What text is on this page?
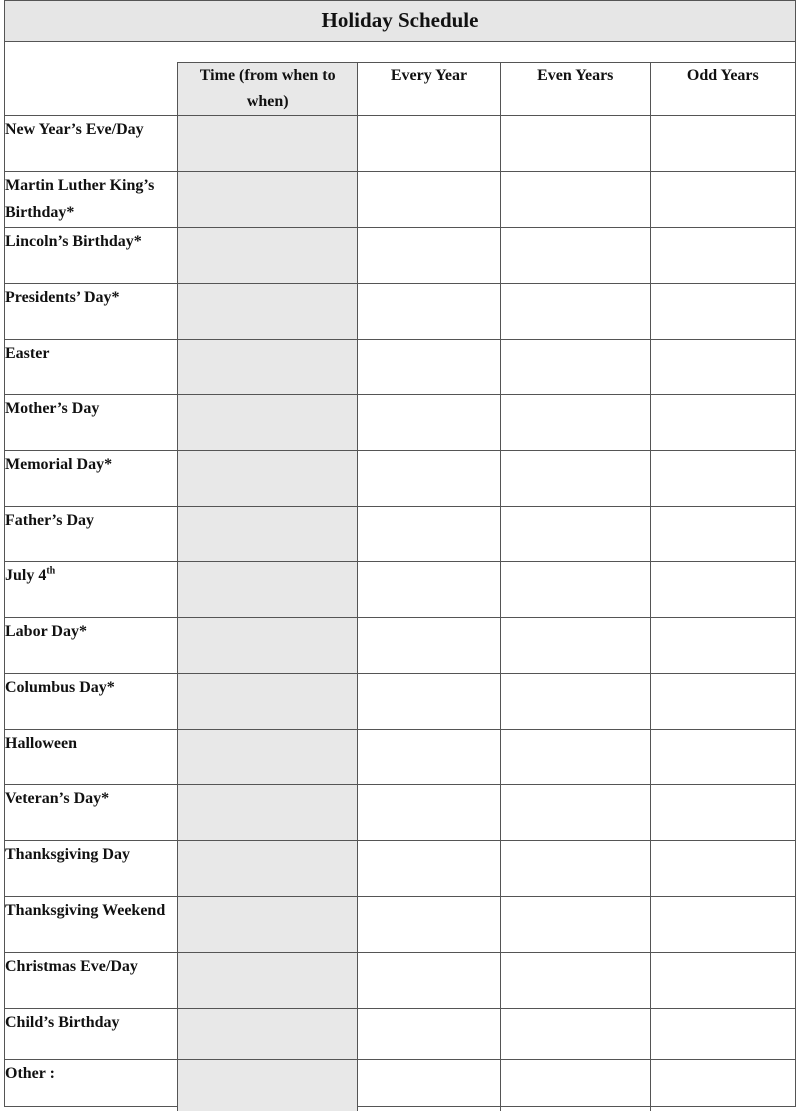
Holiday Schedule
	Time (from when to when)	Every Year	Even Years	Odd Years
New Year’s Eve/Day				
Martin Luther King’s Birthday*				
Lincoln’s Birthday*				
Presidents’ Day*				
Easter				
Mother’s Day				
Memorial Day*				
Father’s Day				
July 4th				
Labor Day*				
Columbus Day*				
Halloween				
Veteran’s Day*				
Thanksgiving Day				
Thanksgiving Weekend				
Christmas Eve/Day				
Child’s Birthday				
Other :				
